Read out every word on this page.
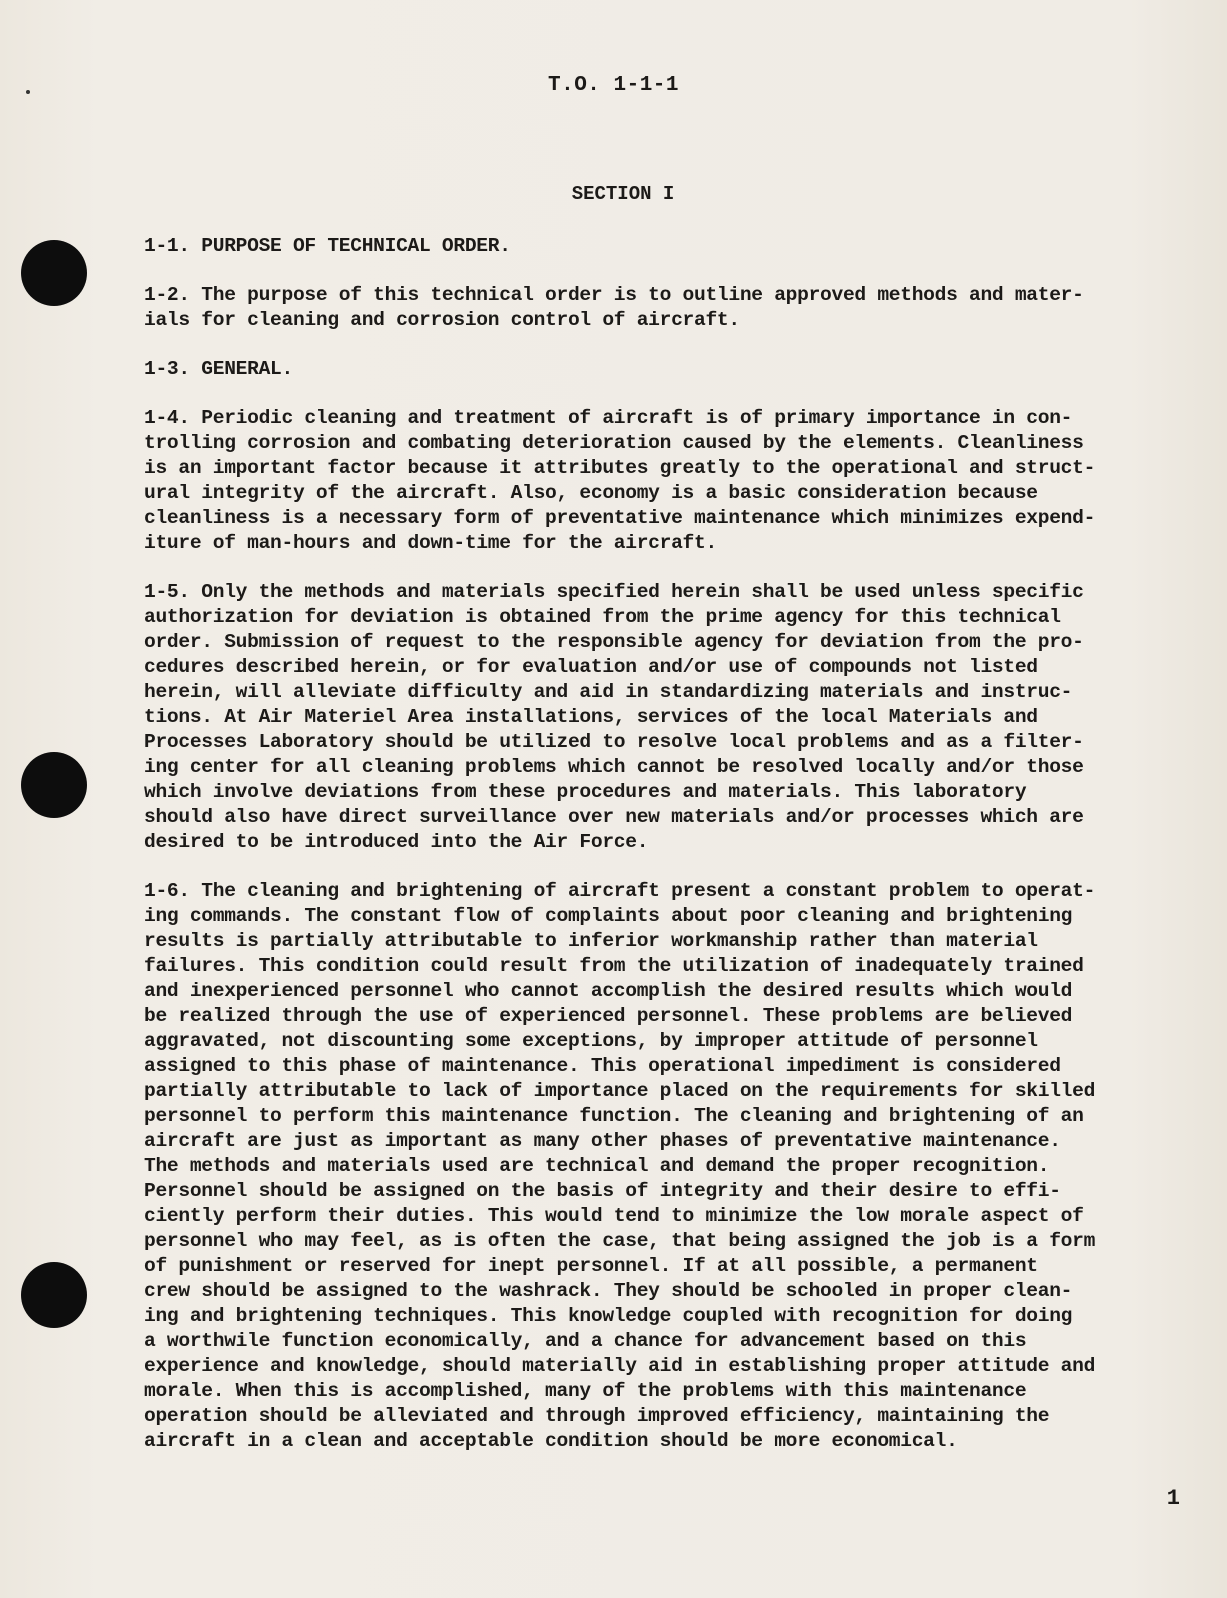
T.O. 1-1-1
SECTION I
1-1. PURPOSE OF TECHNICAL ORDER.
1-2. The purpose of this technical order is to outline approved methods and mater-
ials for cleaning and corrosion control of aircraft.
1-3. GENERAL.
1-4. Periodic cleaning and treatment of aircraft is of primary importance in con-
trolling corrosion and combating deterioration caused by the elements. Cleanliness
is an important factor because it attributes greatly to the operational and struct-
ural integrity of the aircraft. Also, economy is a basic consideration because
cleanliness is a necessary form of preventative maintenance which minimizes expend-
iture of man-hours and down-time for the aircraft.
1-5. Only the methods and materials specified herein shall be used unless specific
authorization for deviation is obtained from the prime agency for this technical
order. Submission of request to the responsible agency for deviation from the pro-
cedures described herein, or for evaluation and/or use of compounds not listed
herein, will alleviate difficulty and aid in standardizing materials and instruc-
tions. At Air Materiel Area installations, services of the local Materials and
Processes Laboratory should be utilized to resolve local problems and as a filter-
ing center for all cleaning problems which cannot be resolved locally and/or those
which involve deviations from these procedures and materials. This laboratory
should also have direct surveillance over new materials and/or processes which are
desired to be introduced into the Air Force.
1-6. The cleaning and brightening of aircraft present a constant problem to operat-
ing commands. The constant flow of complaints about poor cleaning and brightening
results is partially attributable to inferior workmanship rather than material
failures. This condition could result from the utilization of inadequately trained
and inexperienced personnel who cannot accomplish the desired results which would
be realized through the use of experienced personnel. These problems are believed
aggravated, not discounting some exceptions, by improper attitude of personnel
assigned to this phase of maintenance. This operational impediment is considered
partially attributable to lack of importance placed on the requirements for skilled
personnel to perform this maintenance function. The cleaning and brightening of an
aircraft are just as important as many other phases of preventative maintenance.
The methods and materials used are technical and demand the proper recognition.
Personnel should be assigned on the basis of integrity and their desire to effi-
ciently perform their duties. This would tend to minimize the low morale aspect of
personnel who may feel, as is often the case, that being assigned the job is a form
of punishment or reserved for inept personnel. If at all possible, a permanent
crew should be assigned to the washrack. They should be schooled in proper clean-
ing and brightening techniques. This knowledge coupled with recognition for doing
a worthwile function economically, and a chance for advancement based on this
experience and knowledge, should materially aid in establishing proper attitude and
morale. When this is accomplished, many of the problems with this maintenance
operation should be alleviated and through improved efficiency, maintaining the
aircraft in a clean and acceptable condition should be more economical.
1
